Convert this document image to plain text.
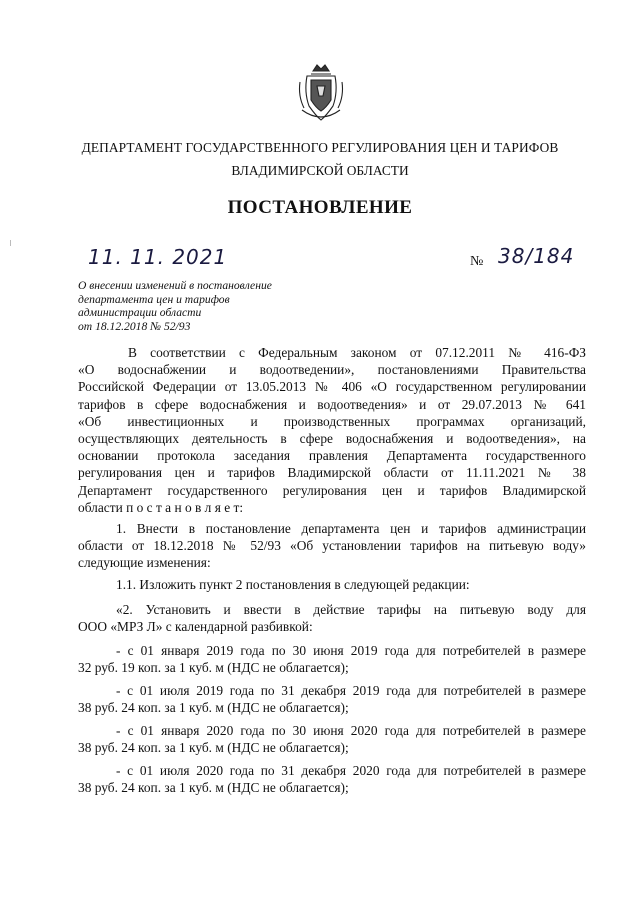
ДЕПАРТАМЕНТ ГОСУДАРСТВЕННОГО РЕГУЛИРОВАНИЯ ЦЕН И ТАРИФОВ
ВЛАДИМИРСКОЙ ОБЛАСТИ
ПОСТАНОВЛЕНИЕ
11. 11. 2021	№ 38/184
О внесении изменений в постановление
департамента цен и тарифов
администрации области
от 18.12.2018 № 52/93
В соответствии с Федеральным законом от 07.12.2011 № 416-ФЗ
«О водоснабжении и водоотведении», постановлениями Правительства
Российской Федерации от 13.05.2013 № 406 «О государственном регулировании
тарифов в сфере водоснабжения и водоотведения» и от 29.07.2013 № 641
«Об инвестиционных и производственных программах организаций,
осуществляющих деятельность в сфере водоснабжения и водоотведения», на
основании протокола заседания правления Департамента государственного
регулирования цен и тарифов Владимирской области от 11.11.2021 № 38
Департамент государственного регулирования цен и тарифов Владимирской
области п о с т а н о в л я е т:
1. Внести в постановление департамента цен и тарифов администрации
области от 18.12.2018 № 52/93 «Об установлении тарифов на питьевую воду»
следующие изменения:
1.1. Изложить пункт 2 постановления в следующей редакции:
«2. Установить и ввести в действие тарифы на питьевую воду для
ООО «МРЗ Л» с календарной разбивкой:
- с 01 января 2019 года по 30 июня 2019 года для потребителей в размере
32 руб. 19 коп. за 1 куб. м (НДС не облагается);
- с 01 июля 2019 года по 31 декабря 2019 года для потребителей в размере
38 руб. 24 коп. за 1 куб. м (НДС не облагается);
- с 01 января 2020 года по 30 июня 2020 года для потребителей в размере
38 руб. 24 коп. за 1 куб. м (НДС не облагается);
- с 01 июля 2020 года по 31 декабря 2020 года для потребителей в размере
38 руб. 24 коп. за 1 куб. м (НДС не облагается);
